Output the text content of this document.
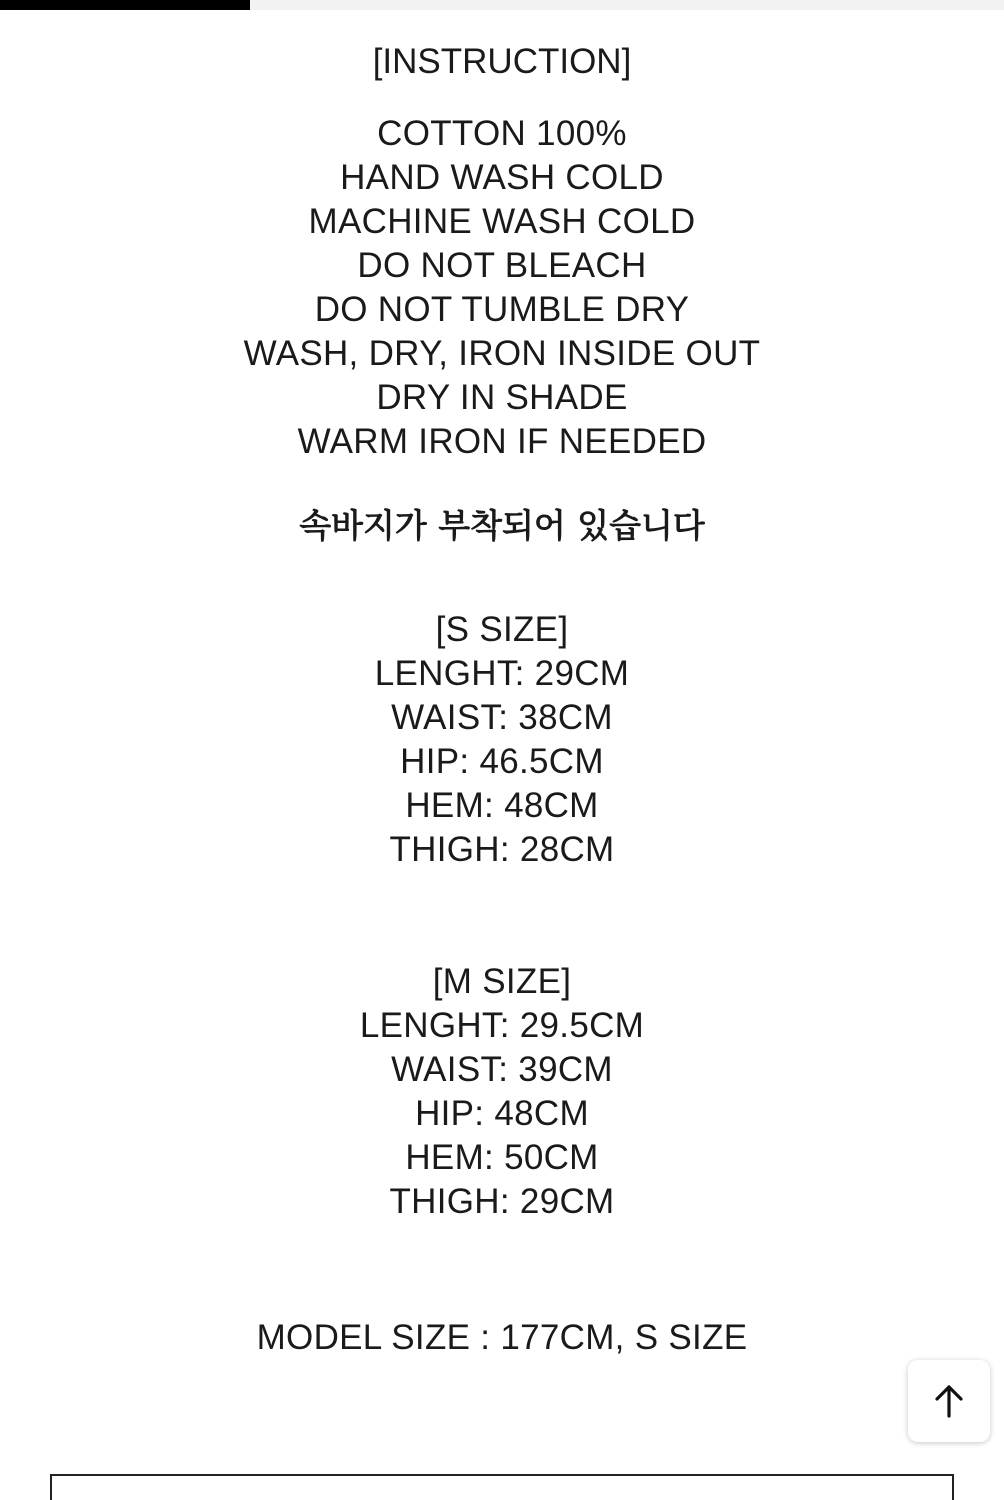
[INSTRUCTION]
COTTON 100%
HAND WASH COLD
MACHINE WASH COLD
DO NOT BLEACH
DO NOT TUMBLE DRY
WASH, DRY, IRON INSIDE OUT
DRY IN SHADE
WARM IRON IF NEEDED
속바지가 부착되어 있습니다
[S SIZE]
LENGHT: 29CM
WAIST: 38CM
HIP: 46.5CM
HEM: 48CM
THIGH: 28CM
[M SIZE]
LENGHT: 29.5CM
WAIST: 39CM
HIP: 48CM
HEM: 50CM
THIGH: 29CM
MODEL SIZE : 177CM, S SIZE
